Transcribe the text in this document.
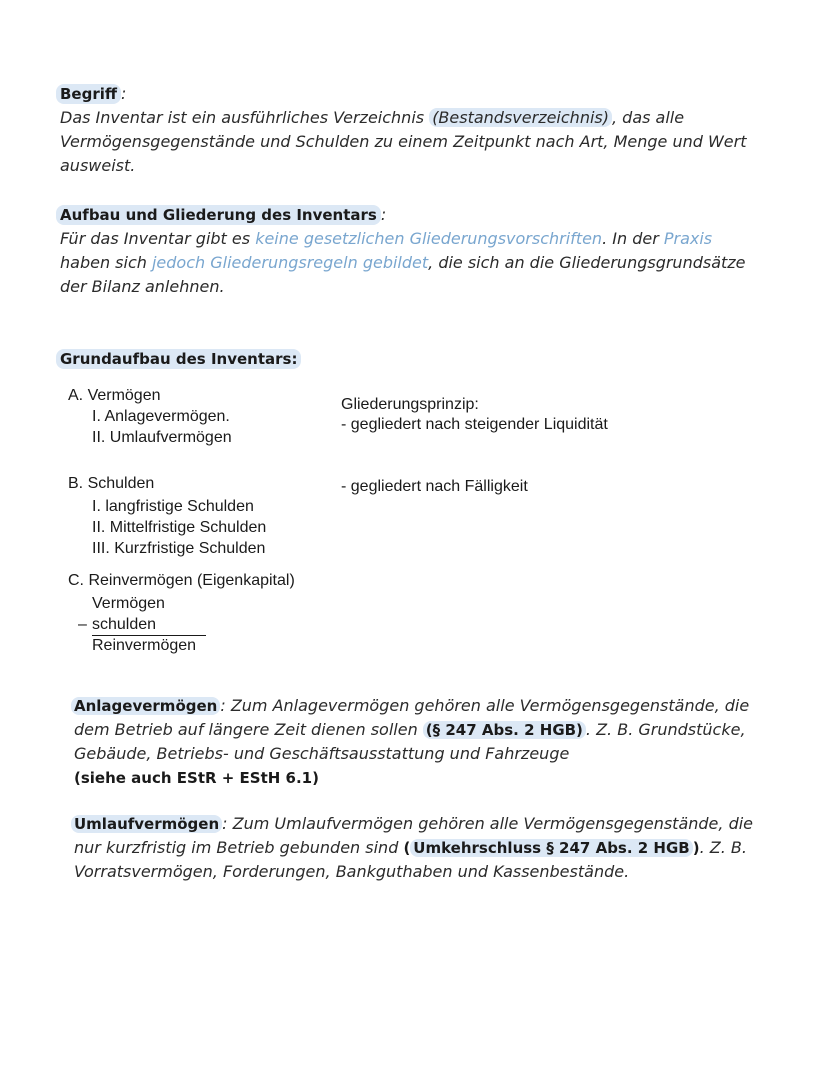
Begriff :
Das Inventar ist ein ausführliches Verzeichnis (Bestandsverzeichnis) , das alle Vermögensgegenstände und Schulden zu einem Zeitpunkt nach Art, Menge und Wert ausweist.
Aufbau und Gliederung des Inventars :
Für das Inventar gibt es keine gesetzlichen Gliederungsvorschriften. In der Praxis haben sich jedoch Gliederungsregeln gebildet, die sich an die Gliederungsgrundsätze der Bilanz anlehnen.
Grundaufbau des Inventars:
A. Vermögen
I. Anlagevermögen.
II. Umlaufvermögen
Gliederungsprinzip:
- gegliedert nach steigender Liquidität
B. Schulden
I. langfristige Schulden
II. Mittelfristige Schulden
III. Kurzfristige Schulden
- gegliedert nach Fälligkeit
C. Reinvermögen (Eigenkapital)
Vermögen
– schulden
Reinvermögen
Anlagevermögen : Zum Anlagevermögen gehören alle Vermögensgegenstände, die dem Betrieb auf längere Zeit dienen sollen (§ 247 Abs. 2 HGB) . Z. B. Grundstücke, Gebäude, Betriebs- und Geschäftsausstattung und Fahrzeuge
(siehe auch EStR + EStH 6.1)
Umlaufvermögen : Zum Umlaufvermögen gehören alle Vermögensgegenstände, die nur kurzfristig im Betrieb gebunden sind ( Umkehrschluss § 247 Abs. 2 HGB ). Z. B. Vorratsvermögen, Forderungen, Bankguthaben und Kassenbestände.
